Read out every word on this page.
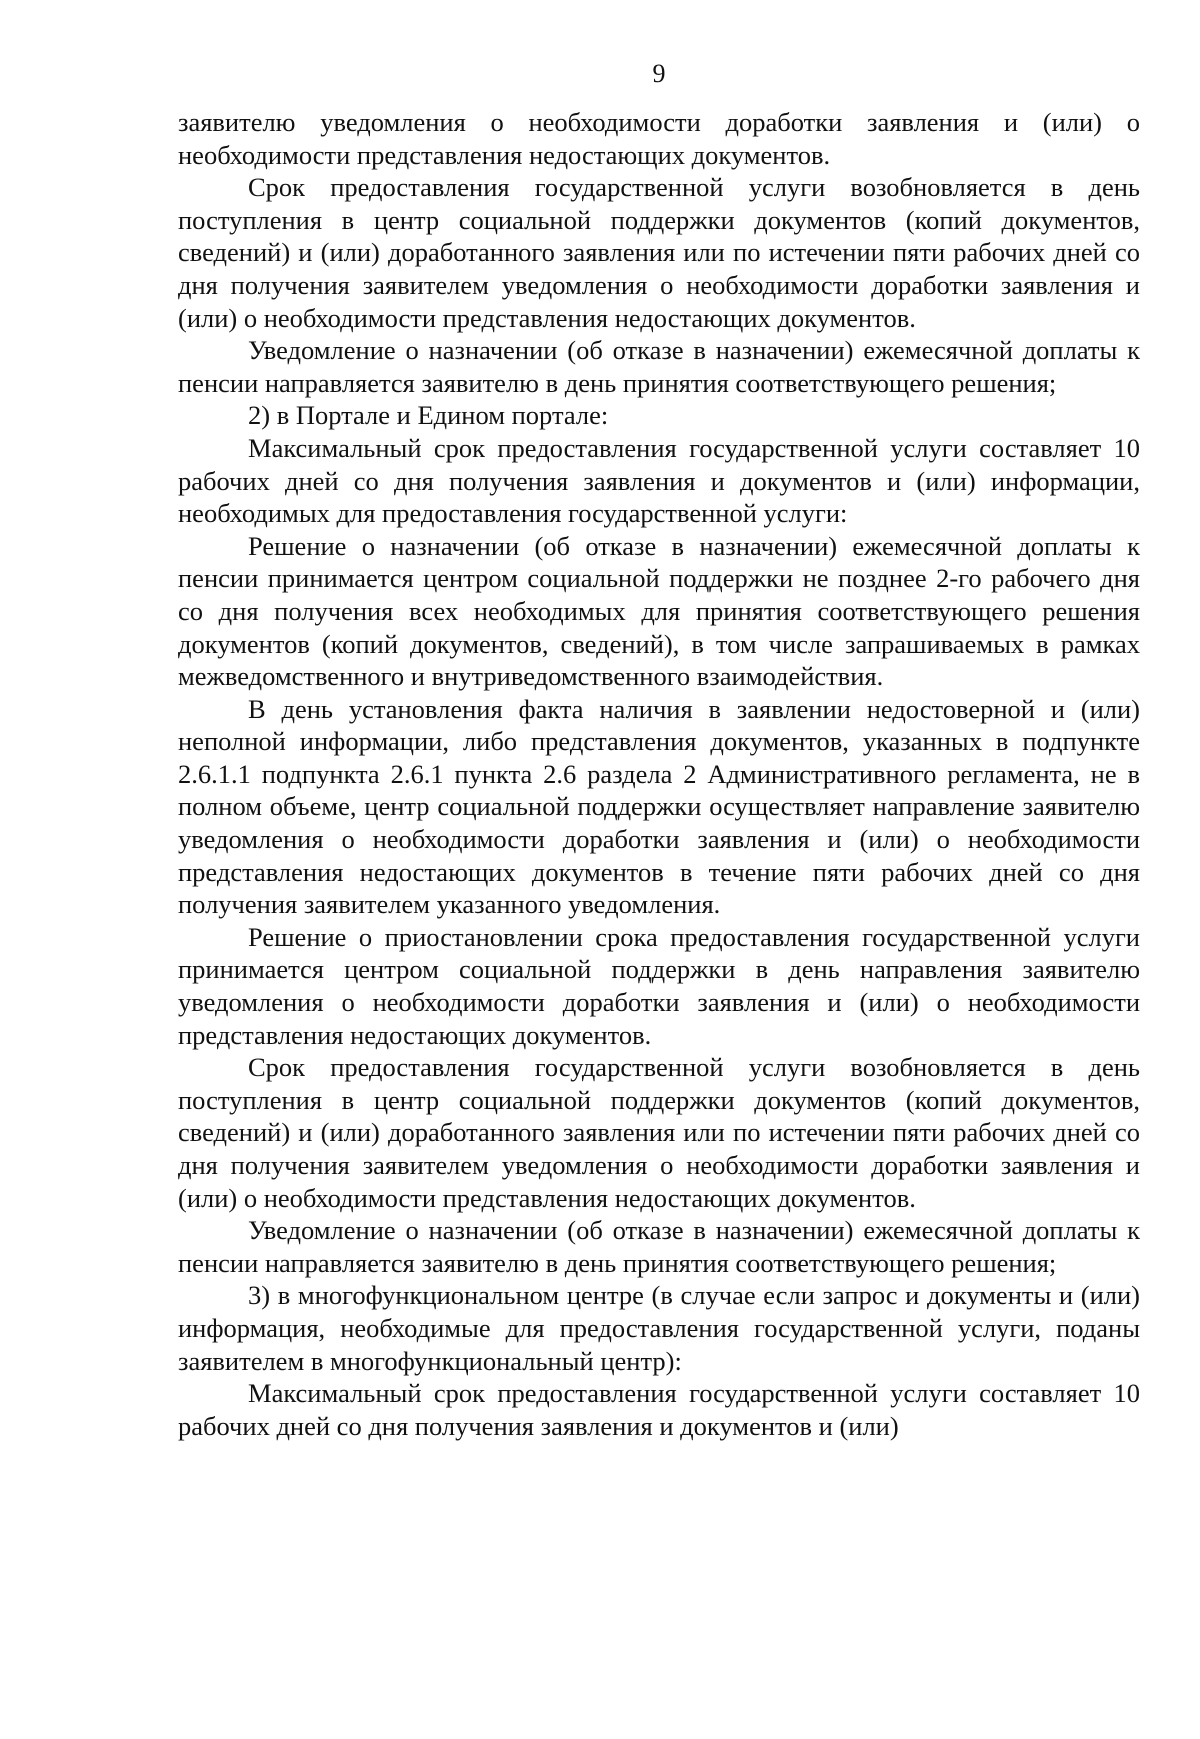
9

заявителю уведомления о необходимости доработки заявления и (или) о необходимости представления недостающих документов.

Срок предоставления государственной услуги возобновляется в день поступления в центр социальной поддержки документов (копий документов, сведений) и (или) доработанного заявления или по истечении пяти рабочих дней со дня получения заявителем уведомления о необходимости доработки заявления и (или) о необходимости представления недостающих документов.

Уведомление о назначении (об отказе в назначении) ежемесячной доплаты к пенсии направляется заявителю в день принятия соответствующего решения;

2) в Портале и Едином портале:

Максимальный срок предоставления государственной услуги составляет 10 рабочих дней со дня получения заявления и документов и (или) информации, необходимых для предоставления государственной услуги:

Решение о назначении (об отказе в назначении) ежемесячной доплаты к пенсии принимается центром социальной поддержки не позднее 2-го рабочего дня со дня получения всех необходимых для принятия соответствующего решения документов (копий документов, сведений), в том числе запрашиваемых в рамках межведомственного и внутриведомственного взаимодействия.

В день установления факта наличия в заявлении недостоверной и (или) неполной информации, либо представления документов, указанных в подпункте 2.6.1.1 подпункта 2.6.1 пункта 2.6 раздела 2 Административного регламента, не в полном объеме, центр социальной поддержки осуществляет направление заявителю уведомления о необходимости доработки заявления и (или) о необходимости представления недостающих документов в течение пяти рабочих дней со дня получения заявителем указанного уведомления.

Решение о приостановлении срока предоставления государственной услуги принимается центром социальной поддержки в день направления заявителю уведомления о необходимости доработки заявления и (или) о необходимости представления недостающих документов.

Срок предоставления государственной услуги возобновляется в день поступления в центр социальной поддержки документов (копий документов, сведений) и (или) доработанного заявления или по истечении пяти рабочих дней со дня получения заявителем уведомления о необходимости доработки заявления и (или) о необходимости представления недостающих документов.

Уведомление о назначении (об отказе в назначении) ежемесячной доплаты к пенсии направляется заявителю в день принятия соответствующего решения;

3) в многофункциональном центре (в случае если запрос и документы и (или) информация, необходимые для предоставления государственной услуги, поданы заявителем в многофункциональный центр):

Максимальный срок предоставления государственной услуги составляет 10 рабочих дней со дня получения заявления и документов и (или)
